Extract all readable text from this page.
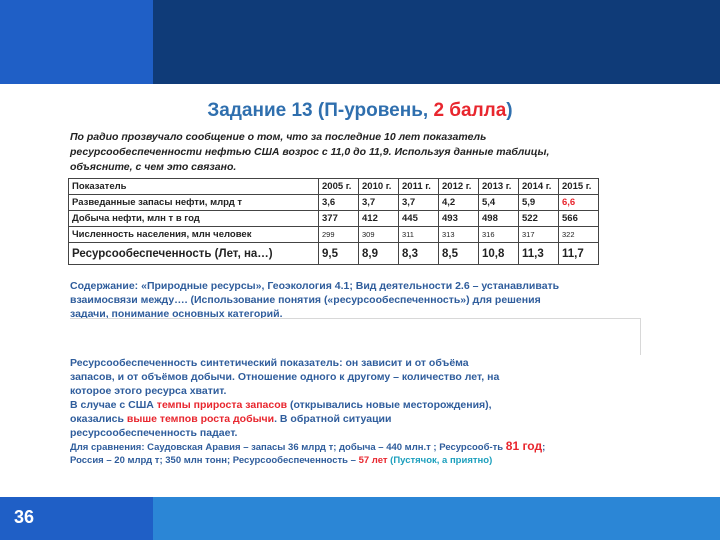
Задание 13 (П-уровень, 2 балла)
По радио прозвучало сообщение о том, что за последние 10 лет показатель
ресурсообеспеченности нефтью США возрос с 11,0 до 11,9. Используя данные таблицы,
объясните, с чем это связано.
Показатель	2005 г.	2010 г.	2011 г.	2012 г.	2013 г.	2014 г.	2015 г.
Разведанные запасы нефти, млрд т	3,6	3,7	3,7	4,2	5,4	5,9	6,6
Добыча нефти, млн т в год	377	412	445	493	498	522	566
Численность населения, млн человек	299	309	311	313	316	317	322
Ресурсообеспеченность (Лет, на…)	9,5	8,9	8,3	8,5	10,8	11,3	11,7
Содержание: «Природные ресурсы», Геоэкология 4.1; Вид деятельности 2.6 – устанавливать
взаимосвязи между…. (Использование понятия («ресурсообеспеченность») для решения
задачи, понимание основных категорий.
Ресурсообеспеченность синтетический показатель: он зависит и от объёма
запасов, и от объёмов добычи. Отношение одного к другому – количество лет, на
которое этого ресурса хватит.
В случае с США темпы прироста запасов (открывались новые месторождения),
оказались выше темпов роста добычи. В обратной ситуации
ресурсообеспеченность падает.
Для сравнения: Саудовская Аравия – запасы 36 млрд т; добыча – 440 млн.т ; Ресурсооб-ть 81 год;
Россия – 20 млрд т; 350 млн тонн; Ресурсообеспеченность – 57 лет (Пустячок, а приятно)
36
